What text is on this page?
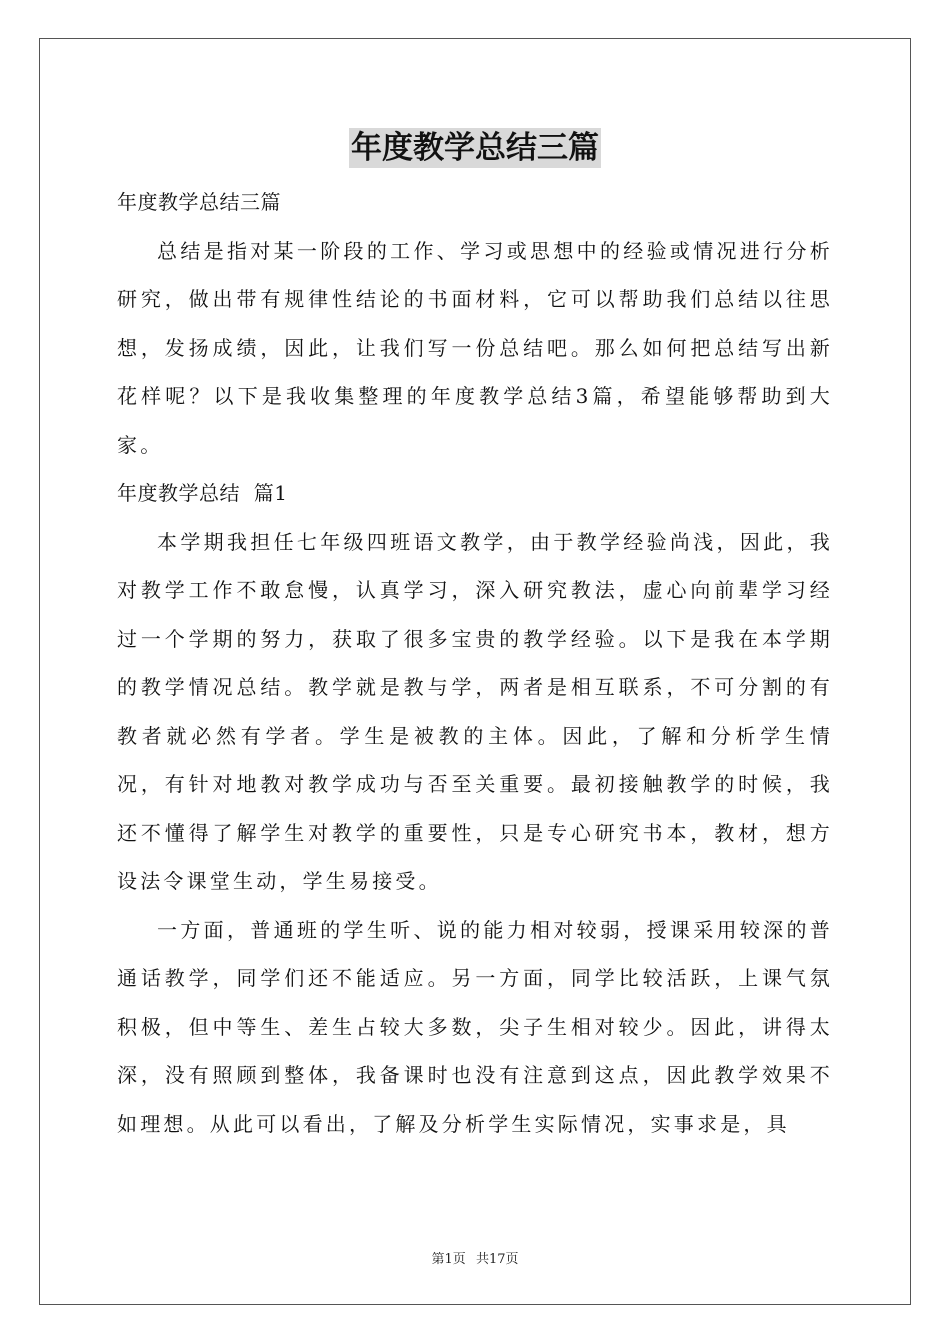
年度教学总结三篇

年度教学总结三篇

总结是指对某一阶段的工作、学习或思想中的经验或情况进行分析研究，做出带有规律性结论的书面材料，它可以帮助我们总结以往思想，发扬成绩，因此，让我们写一份总结吧。那么如何把总结写出新花样呢？以下是我收集整理的年度教学总结3篇，希望能够帮助到大家。

年度教学总结  篇1

本学期我担任七年级四班语文教学，由于教学经验尚浅，因此，我对教学工作不敢怠慢，认真学习，深入研究教法，虚心向前辈学习经过一个学期的努力，获取了很多宝贵的教学经验。以下是我在本学期的教学情况总结。教学就是教与学，两者是相互联系，不可分割的有教者就必然有学者。学生是被教的主体。因此，了解和分析学生情况，有针对地教对教学成功与否至关重要。最初接触教学的时候，我还不懂得了解学生对教学的重要性，只是专心研究书本，教材，想方设法令课堂生动，学生易接受。

一方面，普通班的学生听、说的能力相对较弱，授课采用较深的普通话教学，同学们还不能适应。另一方面，同学比较活跃，上课气氛积极，但中等生、差生占较大多数，尖子生相对较少。因此，讲得太深，没有照顾到整体，我备课时也没有注意到这点，因此教学效果不如理想。从此可以看出，了解及分析学生实际情况，实事求是，具

第1页 共17页
